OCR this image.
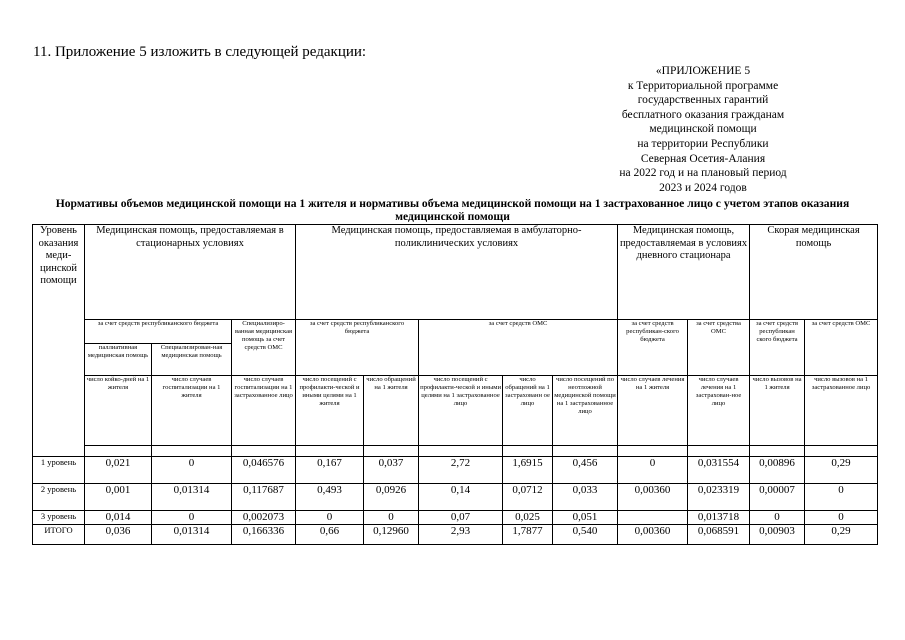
11. Приложение 5 изложить в следующей редакции:
«ПРИЛОЖЕНИЕ 5
к Территориальной программе
государственных гарантий
бесплатного оказания гражданам
медицинской помощи
на территории Республики
Северная Осетия-Алания
на 2022 год и на плановый период
2023 и 2024 годов
Нормативы объемов медицинской помощи на 1 жителя и нормативы объема медицинской помощи на 1 застрахованное лицо с учетом этапов оказания медицинской помощи
Уровень оказания меди-цинской помощи	Медицинская помощь, предоставляемая в стационарных условиях			Медицинская помощь, предоставляемая в амбулаторно-поликлинических условиях					Медицинская помощь, предоставляемая в условиях дневного стационара		Скорая медицинская помощь	
	за счет средств республиканского бюджета		Специализиро-ванная медицинская помощь за счет средств ОМС	за счет средств республиканского бюджета		за счет средств ОМС			за счет средств республикан-ского бюджета	за счет средства ОМС	за счет средств республикан ского бюджета	за счет средств ОМС
	паллиативная медицинская помощь	Специализирован-ная медицинская помощь										
	число койко-дней на 1 жителя	число случаев госпитализации на 1 жителя	число случаев госпитализации на 1 застрахованное лицо	число посещений с профилакти-ческой и иными целями на 1 жителя	число обращений на 1 жителя	число посещений с профилакти-ческой и иными целями на 1 застрахованное лицо	число обращений на 1 застрахованн ое лицо	число посещений по неотложной медицинской помощи на 1 застрахованное лицо	число случаев лечения на 1 жителя	число случаев лечения на 1 застрахован-ное лицо	число вызовов на 1 жителя	число вызовов на 1 застрахованное лицо

1 уровень	0,021	0	0,046576	0,167	0,037	2,72	1,6915	0,456	0	0,031554	0,00896	0,29
2 уровень	0,001	0,01314	0,117687	0,493	0,0926	0,14	0,0712	0,033	0,00360	0,023319	0,00007	0
3 уровень	0,014	0	0,002073	0	0	0,07	0,025	0,051		0,013718	0	0
ИТОГО	0,036	0,01314	0,166336	0,66	0,12960	2,93	1,7877	0,540	0,00360	0,068591	0,00903	0,29
